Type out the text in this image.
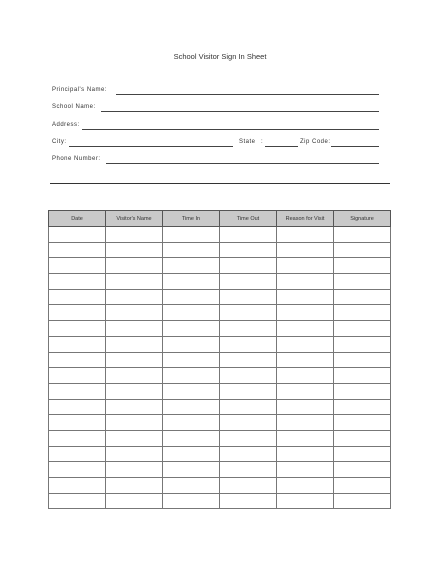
School Visitor Sign In Sheet
Principal's Name:
School Name:
Address:
City:	State :	Zip Code:
Phone Number:
Date	Visitor's Name	Time In	Time Out	Reason for Visit	Signature
